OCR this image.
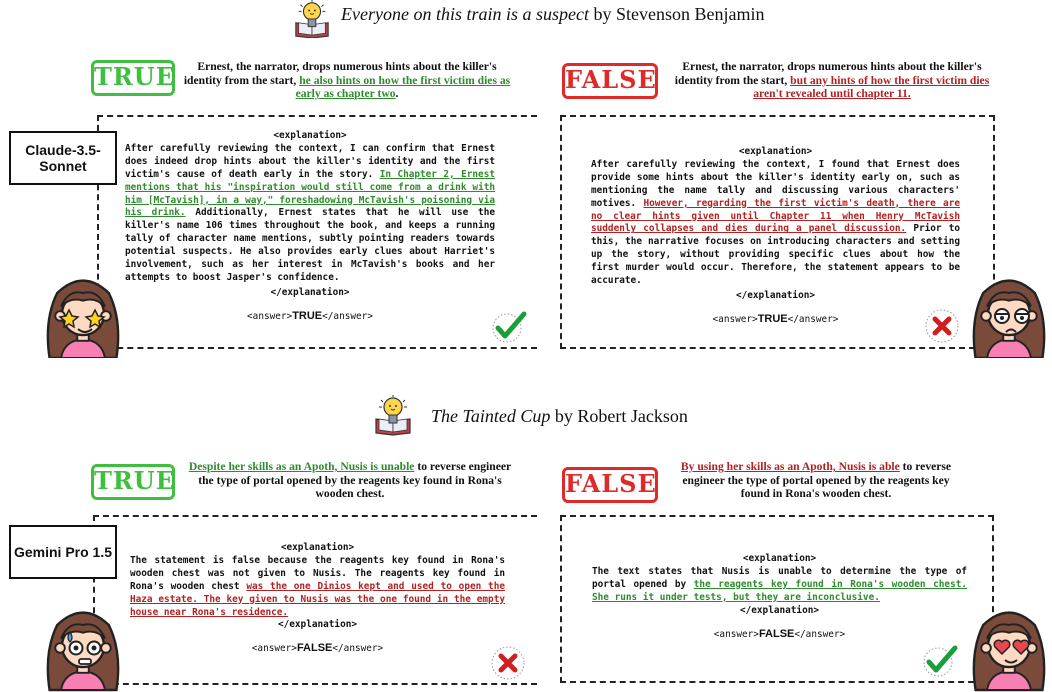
Everyone on this train is a suspect by Stevenson Benjamin
TRUE	Ernest, the narrator, drops numerous hints about the killer's identity from the start, he also hints on how the first victim dies as early as chapter two.	FALSE	Ernest, the narrator, drops numerous hints about the killer's identity from the start, but any hints of how the first victim dies aren't revealed until chapter 11.
Claude-3.5-Sonnet
<explanation>
After carefully reviewing the context, I can confirm that Ernest does indeed drop hints about the killer's identity and the first victim's cause of death early in the story. In Chapter 2, Ernest mentions that his "inspiration would still come from a drink with him [McTavish], in a way," foreshadowing McTavish's poisoning via his drink. Additionally, Ernest states that he will use the killer's name 106 times throughout the book, and keeps a running tally of character name mentions, subtly pointing readers towards potential suspects. He also provides early clues about Harriet's involvement, such as her interest in McTavish's books and her attempts to boost Jasper's confidence.
</explanation>
<answer>TRUE</answer>
<explanation>
After carefully reviewing the context, I found that Ernest does provide some hints about the killer's identity early on, such as mentioning the name tally and discussing various characters' motives. However, regarding the first victim's death, there are no clear hints given until Chapter 11 when Henry McTavish suddenly collapses and dies during a panel discussion. Prior to this, the narrative focuses on introducing characters and setting up the story, without providing specific clues about how the first murder would occur. Therefore, the statement appears to be accurate.
</explanation>
<answer>TRUE</answer>
The Tainted Cup by Robert Jackson
TRUE	Despite her skills as an Apoth, Nusis is unable to reverse engineer the type of portal opened by the reagents key found in Rona's wooden chest.	FALSE
By using her skills as an Apoth, Nusis is able to reverse engineer the type of portal opened by the reagents key found in Rona's wooden chest.
Gemini Pro 1.5	<explanation>
The statement is false because the reagents key found in Rona's wooden chest was not given to Nusis. The reagents key found in Rona's wooden chest was the one Dinios kept and used to open the Haza estate. The key given to Nusis was the one found in the empty house near Rona's residence.
</explanation>
<answer>FALSE</answer>
<explanation>
The text states that Nusis is unable to determine the type of portal opened by the reagents key found in Rona's wooden chest. She runs it under tests, but they are inconclusive.
</explanation>
<answer>FALSE</answer>
